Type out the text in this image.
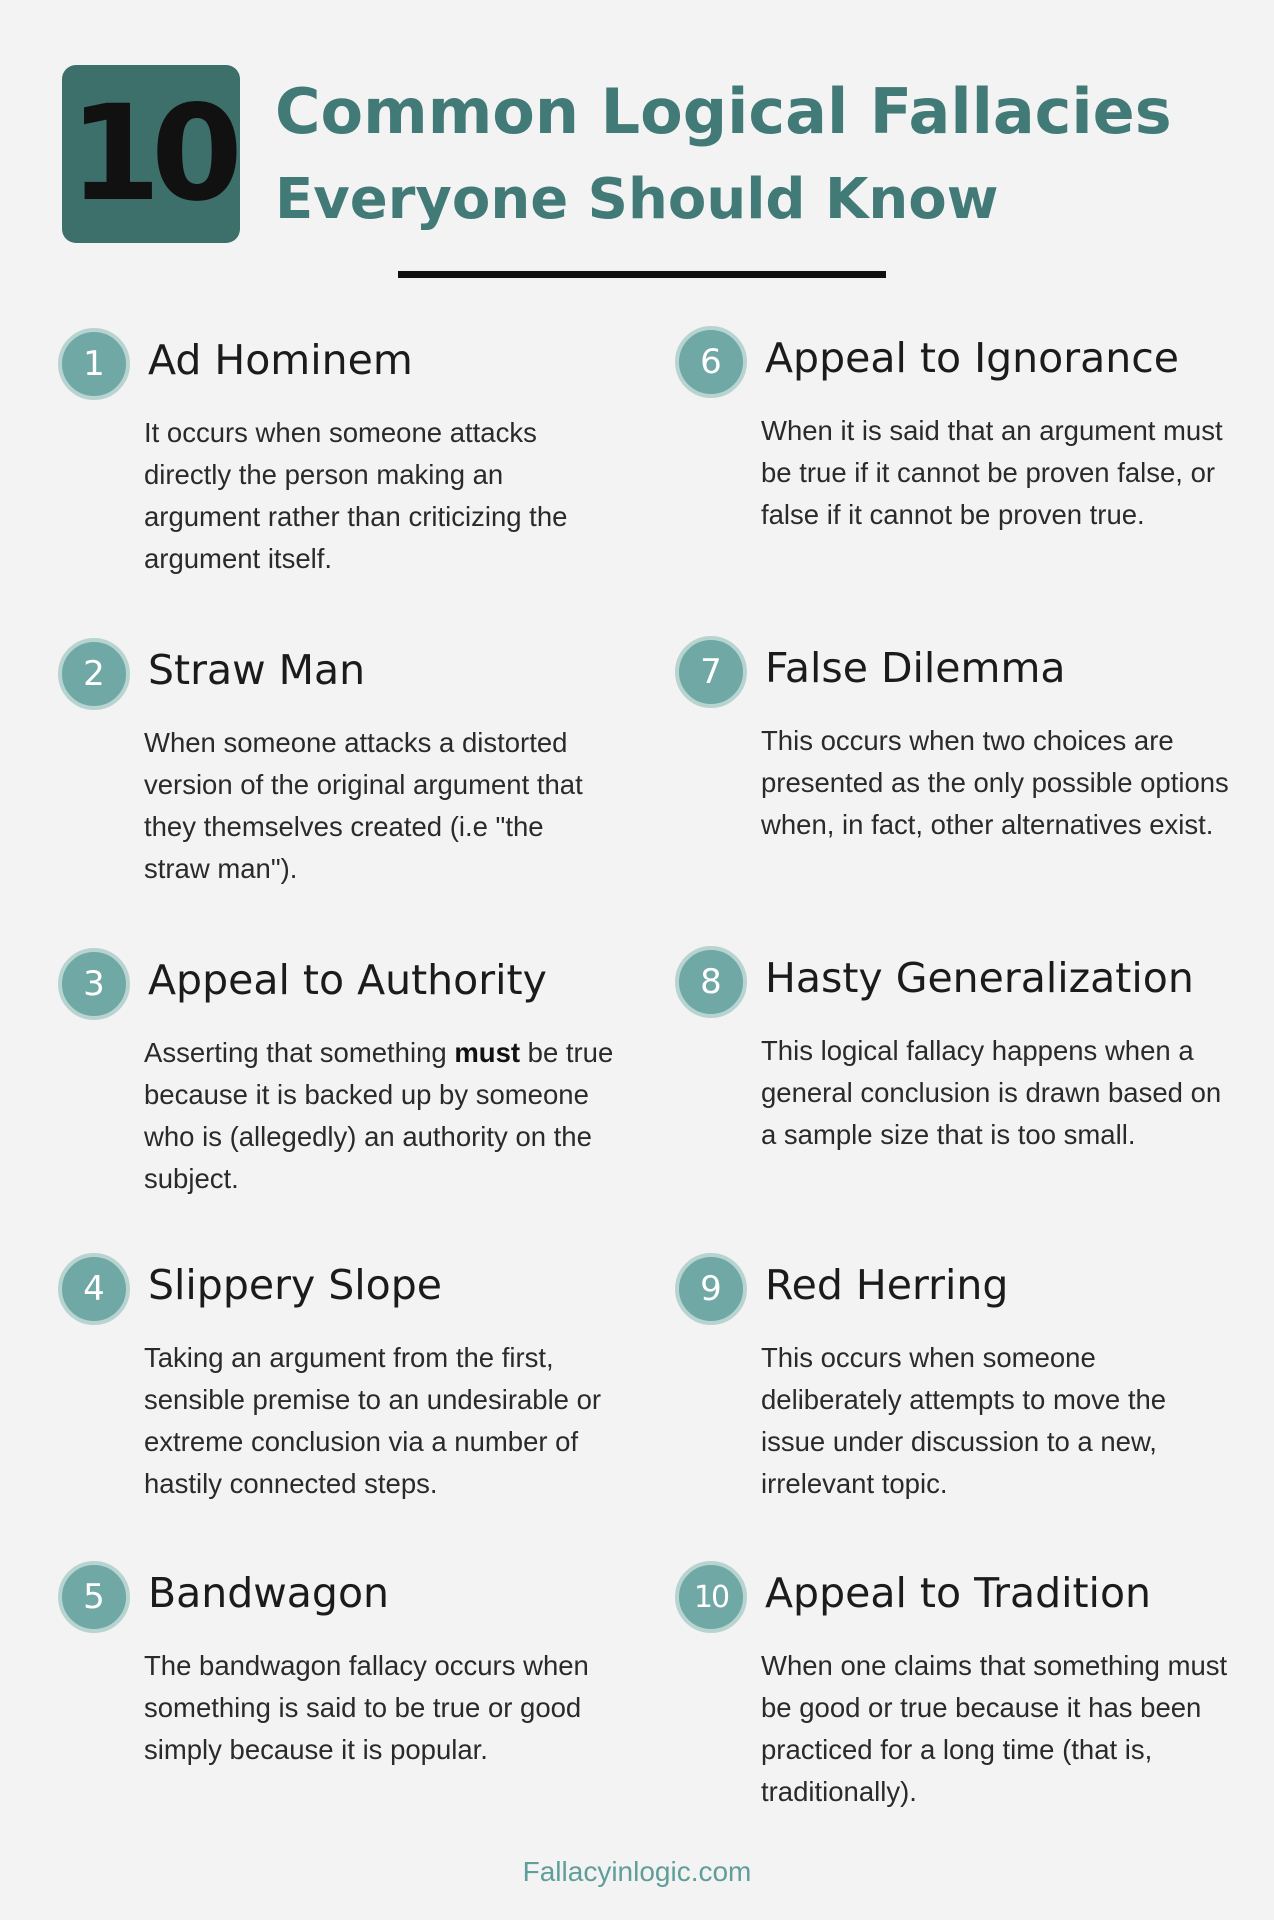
10 Common Logical Fallacies
Everyone Should Know
1	Ad Hominem
It occurs when someone attacks directly the person making an argument rather than criticizing the argument itself.
2	Straw Man
When someone attacks a distorted version of the original argument that they themselves created (i.e "the straw man").
3	Appeal to Authority
Asserting that something must be true because it is backed up by someone who is (allegedly) an authority on the subject.
4	Slippery Slope
Taking an argument from the first, sensible premise to an undesirable or extreme conclusion via a number of hastily connected steps.
5	Bandwagon
The bandwagon fallacy occurs when something is said to be true or good simply because it is popular.
6	Appeal to Ignorance
When it is said that an argument must be true if it cannot be proven false, or false if it cannot be proven true.
7	False Dilemma
This occurs when two choices are presented as the only possible options when, in fact, other alternatives exist.
8	Hasty Generalization
This logical fallacy happens when a general conclusion is drawn based on a sample size that is too small.
9	Red Herring
This occurs when someone deliberately attempts to move the issue under discussion to a new, irrelevant topic.
10 Appeal to Tradition
When one claims that something must be good or true because it has been practiced for a long time (that is, traditionally).
Fallacyinlogic.com
